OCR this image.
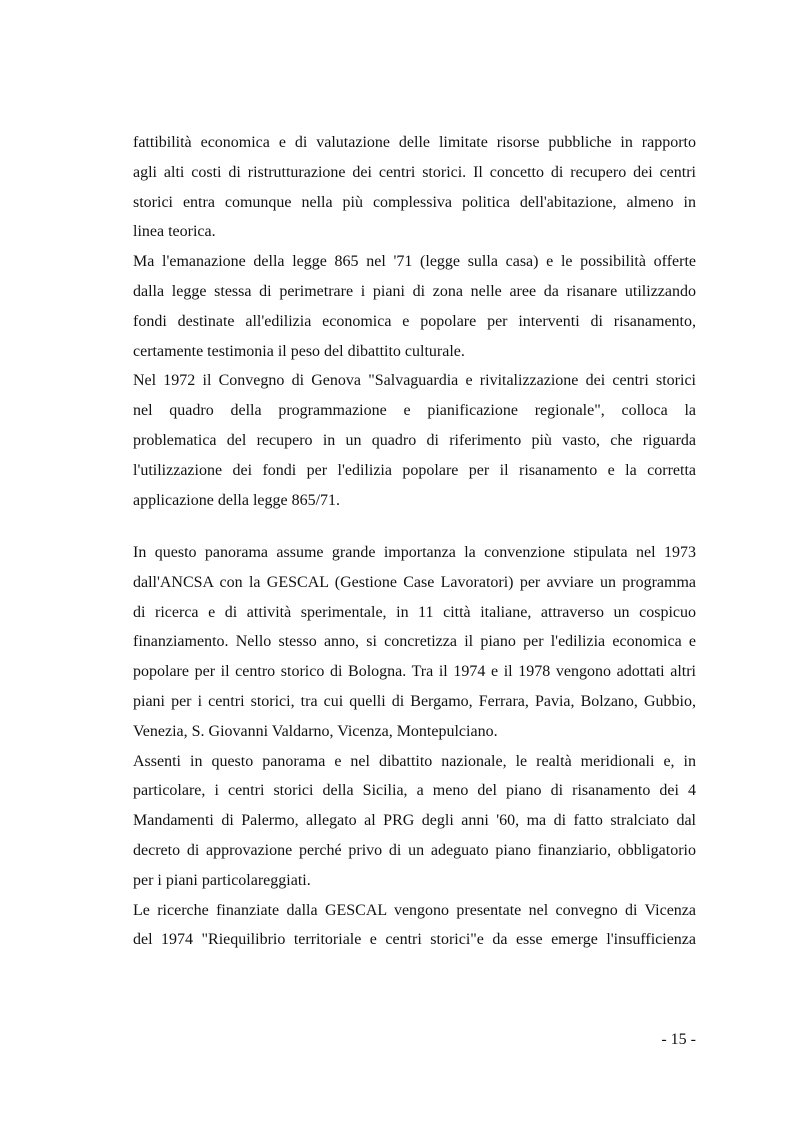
fattibilità economica e di valutazione delle limitate risorse pubbliche in rapporto
agli alti costi di ristrutturazione dei centri storici. Il concetto di recupero dei centri
storici entra comunque nella più complessiva politica dell'abitazione, almeno in
linea teorica.
Ma l'emanazione della legge 865 nel '71 (legge sulla casa) e le possibilità offerte
dalla legge stessa di perimetrare i piani di zona nelle aree da risanare utilizzando
fondi destinate all'edilizia economica e popolare per interventi di risanamento,
certamente testimonia il peso del dibattito culturale.
Nel 1972 il Convegno di Genova "Salvaguardia e rivitalizzazione dei centri storici
nel quadro della programmazione e pianificazione regionale", colloca la
problematica del recupero in un quadro di riferimento più vasto, che riguarda
l'utilizzazione dei fondi per l'edilizia popolare per il risanamento e la corretta
applicazione della legge 865/71.
In questo panorama assume grande importanza la convenzione stipulata nel 1973
dall'ANCSA con la GESCAL (Gestione Case Lavoratori) per avviare un programma
di ricerca e di attività sperimentale, in 11 città italiane, attraverso un cospicuo
finanziamento. Nello stesso anno, si concretizza il piano per l'edilizia economica e
popolare per il centro storico di Bologna. Tra il 1974 e il 1978 vengono adottati altri
piani per i centri storici, tra cui quelli di Bergamo, Ferrara, Pavia, Bolzano, Gubbio,
Venezia, S. Giovanni Valdarno, Vicenza, Montepulciano.
Assenti in questo panorama e nel dibattito nazionale, le realtà meridionali e, in
particolare, i centri storici della Sicilia, a meno del piano di risanamento dei 4
Mandamenti di Palermo, allegato al PRG degli anni '60, ma di fatto stralciato dal
decreto di approvazione perché privo di un adeguato piano finanziario, obbligatorio
per i piani particolareggiati.
Le ricerche finanziate dalla GESCAL vengono presentate nel convegno di Vicenza
del 1974 "Riequilibrio territoriale e centri storici"e da esse emerge l'insufficienza
- 15 -
